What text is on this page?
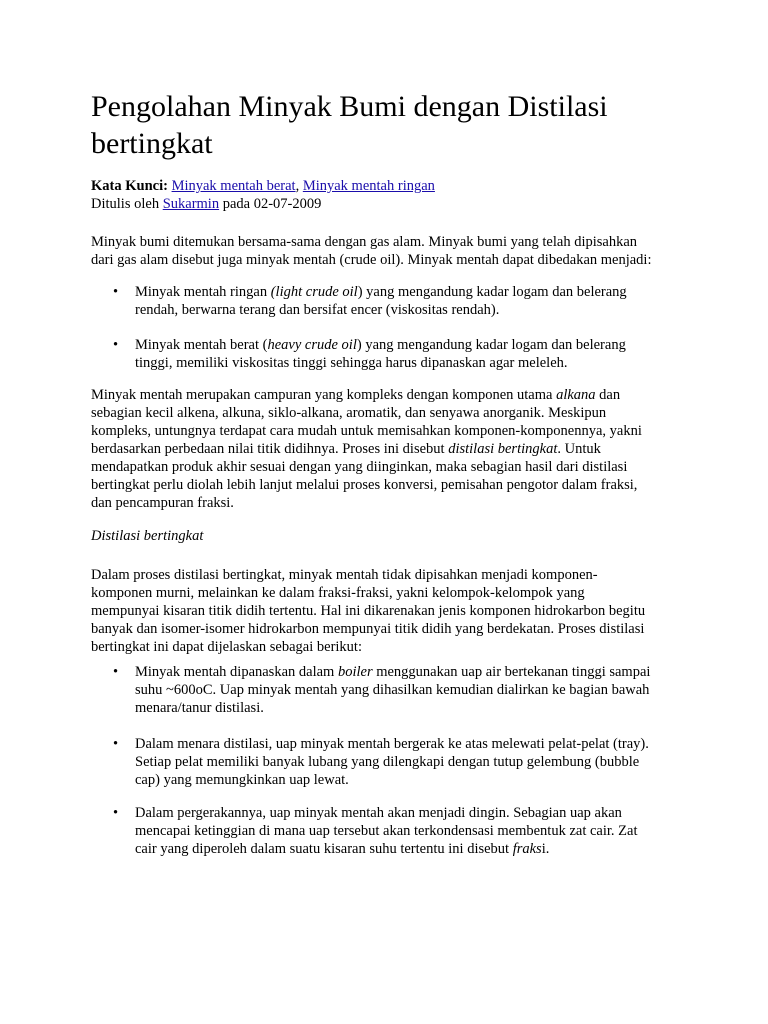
Pengolahan Minyak Bumi dengan Distilasi bertingkat
Kata Kunci: Minyak mentah berat, Minyak mentah ringan
Ditulis oleh Sukarmin pada 02-07-2009
Minyak bumi ditemukan bersama-sama dengan gas alam. Minyak bumi yang telah dipisahkan
dari gas alam disebut juga minyak mentah (crude oil). Minyak mentah dapat dibedakan menjadi:
• Minyak mentah ringan (light crude oil) yang mengandung kadar logam dan belerang
rendah, berwarna terang dan bersifat encer (viskositas rendah).
• Minyak mentah berat (heavy crude oil) yang mengandung kadar logam dan belerang
tinggi, memiliki viskositas tinggi sehingga harus dipanaskan agar meleleh.
Minyak mentah merupakan campuran yang kompleks dengan komponen utama alkana dan
sebagian kecil alkena, alkuna, siklo-alkana, aromatik, dan senyawa anorganik. Meskipun
kompleks, untungnya terdapat cara mudah untuk memisahkan komponen-komponennya, yakni
berdasarkan perbedaan nilai titik didihnya. Proses ini disebut distilasi bertingkat. Untuk
mendapatkan produk akhir sesuai dengan yang diinginkan, maka sebagian hasil dari distilasi
bertingkat perlu diolah lebih lanjut melalui proses konversi, pemisahan pengotor dalam fraksi,
dan pencampuran fraksi.
Distilasi bertingkat
Dalam proses distilasi bertingkat, minyak mentah tidak dipisahkan menjadi komponen-
komponen murni, melainkan ke dalam fraksi-fraksi, yakni kelompok-kelompok yang
mempunyai kisaran titik didih tertentu. Hal ini dikarenakan jenis komponen hidrokarbon begitu
banyak dan isomer-isomer hidrokarbon mempunyai titik didih yang berdekatan. Proses distilasi
bertingkat ini dapat dijelaskan sebagai berikut:
• Minyak mentah dipanaskan dalam boiler menggunakan uap air bertekanan tinggi sampai
suhu ~600oC. Uap minyak mentah yang dihasilkan kemudian dialirkan ke bagian bawah
menara/tanur distilasi.
• Dalam menara distilasi, uap minyak mentah bergerak ke atas melewati pelat-pelat (tray).
Setiap pelat memiliki banyak lubang yang dilengkapi dengan tutup gelembung (bubble
cap) yang memungkinkan uap lewat.
• Dalam pergerakannya, uap minyak mentah akan menjadi dingin. Sebagian uap akan
mencapai ketinggian di mana uap tersebut akan terkondensasi membentuk zat cair. Zat
cair yang diperoleh dalam suatu kisaran suhu tertentu ini disebut fraksi.
